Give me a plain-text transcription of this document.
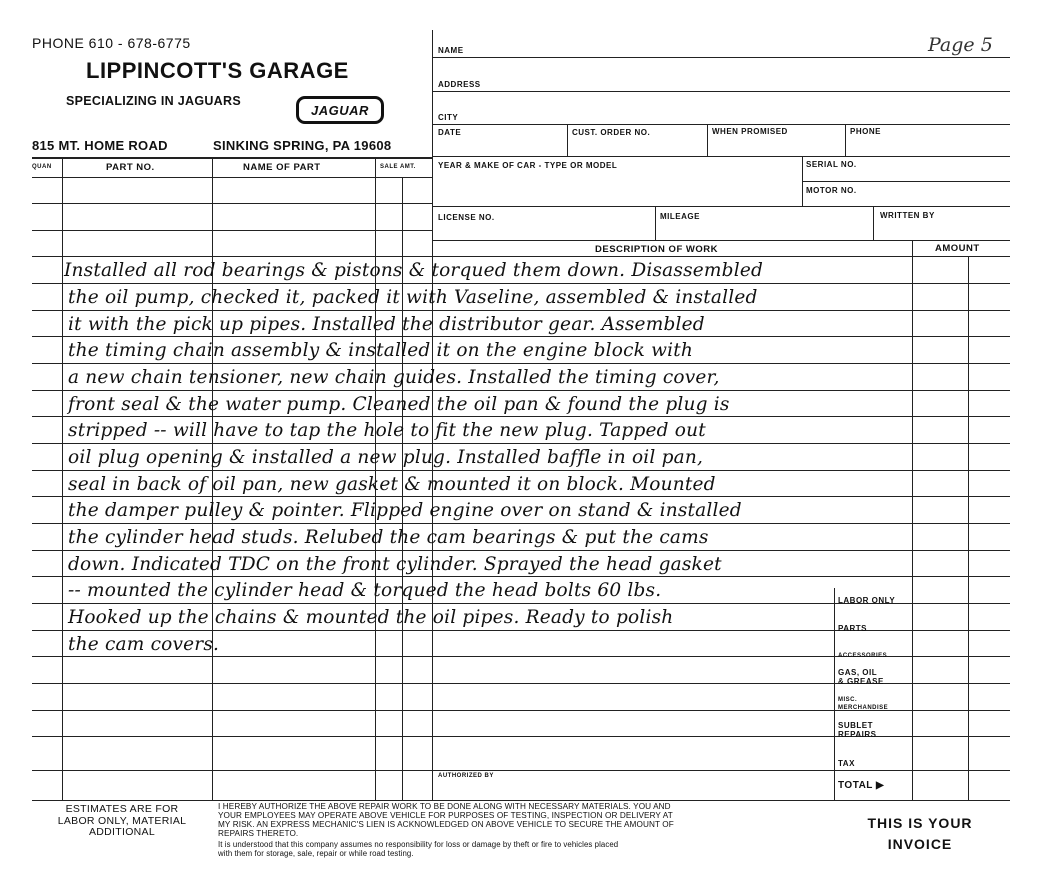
PHONE 610 - 678-6775
LIPPINCOTT'S GARAGE
SPECIALIZING IN JAGUARS
JAGUAR
815 MT. HOME ROAD	SINKING SPRING, PA 19608
Page 5
NAME
ADDRESS
CITY
DATE	CUST. ORDER NO.	WHEN PROMISED	PHONE
YEAR & MAKE OF CAR - TYPE OR MODEL	SERIAL NO.
MOTOR NO.
LICENSE NO.	MILEAGE	WRITTEN BY
QUAN	PART NO.	NAME OF PART	SALE AMT.
DESCRIPTION OF WORK	AMOUNT
Installed all rod bearings & pistons & torqued them down. Disassembled
the oil pump, checked it, packed it with Vaseline, assembled & installed
it with the pick up pipes. Installed the distributor gear. Assembled
the timing chain assembly & installed it on the engine block with
a new chain tensioner, new chain guides. Installed the timing cover,
front seal & the water pump. Cleaned the oil pan & found the plug is
stripped -- will have to tap the hole to fit the new plug. Tapped out
oil plug opening & installed a new plug. Installed baffle in oil pan,
seal in back of oil pan, new gasket & mounted it on block. Mounted
the damper pulley & pointer. Flipped engine over on stand & installed
the cylinder head studs. Relubed the cam bearings & put the cams
down. Indicated TDC on the front cylinder. Sprayed the head gasket
-- mounted the cylinder head & torqued the head bolts 60 lbs.
Hooked up the chains & mounted the oil pipes. Ready to polish
the cam covers.
LABOR ONLY
PARTS
ACCESSORIES
GAS, OIL
& GREASE
MISC.
MERCHANDISE
SUBLET
REPAIRS
TAX
TOTAL ▶
AUTHORIZED BY
ESTIMATES ARE FOR
LABOR ONLY, MATERIAL
ADDITIONAL
I HEREBY AUTHORIZE THE ABOVE REPAIR WORK TO BE DONE ALONG WITH NECESSARY MATERIALS. YOU AND
YOUR EMPLOYEES MAY OPERATE ABOVE VEHICLE FOR PURPOSES OF TESTING, INSPECTION OR DELIVERY AT
MY RISK. AN EXPRESS MECHANIC'S LIEN IS ACKNOWLEDGED ON ABOVE VEHICLE TO SECURE THE AMOUNT OF
REPAIRS THERETO.
It is understood that this company assumes no responsibility for loss or damage by theft or fire to vehicles placed
with them for storage, sale, repair or while road testing.
THIS IS YOUR
INVOICE
